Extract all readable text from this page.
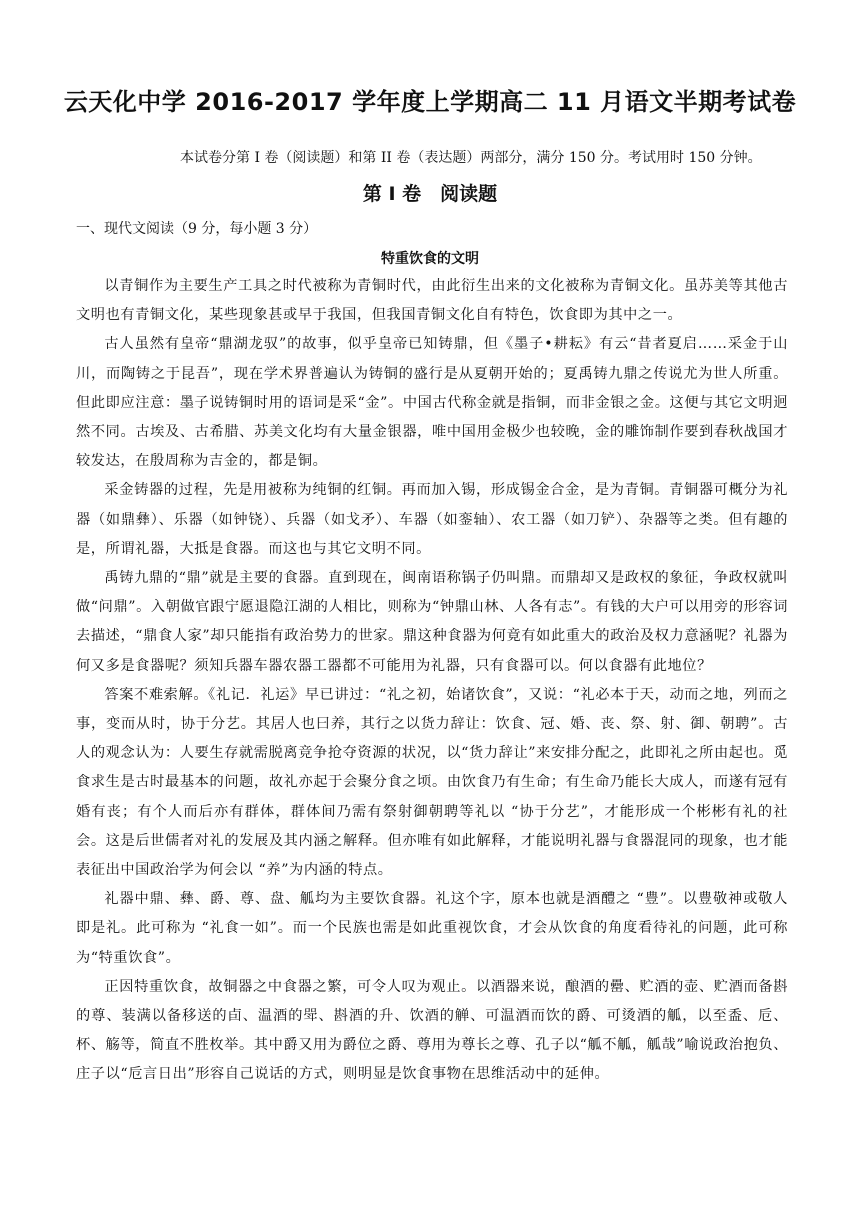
云天化中学 2016-2017 学年度上学期高二 11 月语文半期考试卷
本试卷分第 I 卷（阅读题）和第 II 卷（表达题）两部分，满分 150 分。考试用时 150 分钟。
第 I 卷　阅读题
一、现代文阅读（9 分，每小题 3 分）
特重饮食的文明

以青铜作为主要生产工具之时代被称为青铜时代，由此衍生出来的文化被称为青铜文化。虽苏美等其他古文明也有青铜文化，某些现象甚或早于我国，但我国青铜文化自有特色，饮食即为其中之一。

古人虽然有皇帝“鼎湖龙驭”的故事，似乎皇帝已知铸鼎，但《墨子•耕耘》有云“昔者夏启……采金于山川，而陶铸之于昆吾”，现在学术界普遍认为铸铜的盛行是从夏朝开始的；夏禹铸九鼎之传说尤为世人所重。但此即应注意：墨子说铸铜时用的语词是采“金”。中国古代称金就是指铜，而非金银之金。这便与其它文明迥然不同。古埃及、古希腊、苏美文化均有大量金银器，唯中国用金极少也较晚，金的雕饰制作要到春秋战国才较发达，在殷周称为吉金的，都是铜。

采金铸器的过程，先是用被称为纯铜的红铜。再而加入锡，形成锡金合金，是为青铜。青铜器可概分为礼器（如鼎彝）、乐器（如钟铙）、兵器（如戈矛）、车器（如銮轴）、农工器（如刀铲）、杂器等之类。但有趣的是，所谓礼器，大抵是食器。而这也与其它文明不同。

禹铸九鼎的“鼎”就是主要的食器。直到现在，闽南语称锅子仍叫鼎。而鼎却又是政权的象征，争政权就叫做“问鼎”。入朝做官跟宁愿退隐江湖的人相比，则称为“钟鼎山林、人各有志”。有钱的大户可以用旁的形容词去描述，“鼎食人家”却只能指有政治势力的世家。鼎这种食器为何竟有如此重大的政治及权力意涵呢？礼器为何又多是食器呢？须知兵器车器农器工器都不可能用为礼器，只有食器可以。何以食器有此地位？

答案不难索解。《礼记．礼运》早已讲过：“礼之初，始诸饮食”，又说：“礼必本于天，动而之地，列而之事，变而从时，协于分艺。其居人也曰养，其行之以货力辞让：饮食、冠、婚、丧、祭、射、御、朝聘”。古人的观念认为：人要生存就需脱离竞争抢夺资源的状况，以“货力辞让”来安排分配之，此即礼之所由起也。觅食求生是古时最基本的问题，故礼亦起于会聚分食之顷。由饮食乃有生命；有生命乃能长大成人，而遂有冠有婚有丧；有个人而后亦有群体，群体间乃需有祭射御朝聘等礼以 “协于分艺”，才能形成一个彬彬有礼的社会。这是后世儒者对礼的发展及其内涵之解释。但亦唯有如此解释，才能说明礼器与食器混同的现象，也才能表征出中国政治学为何会以 “养”为内涵的特点。

礼器中鼎、彝、爵、尊、盘、觚均为主要饮食器。礼这个字，原本也就是酒醴之 “豊”。以豊敬神或敬人即是礼。此可称为 “礼食一如”。而一个民族也需是如此重视饮食，才会从饮食的角度看待礼的问题，此可称为“特重饮食”。

正因特重饮食，故铜器之中食器之繁，可令人叹为观止。以酒器来说，酿酒的罍、贮酒的壶、贮酒而备斟的尊、装满以备移送的卣、温酒的斝、斟酒的升、饮酒的觯、可温酒而饮的爵、可烫酒的觚，以至盉、卮、杯、觞等，简直不胜枚举。其中爵又用为爵位之爵、尊用为尊长之尊、孔子以“觚不觚，觚哉”喻说政治抱负、庄子以“卮言日出”形容自己说话的方式，则明显是饮食事物在思维活动中的延伸。
